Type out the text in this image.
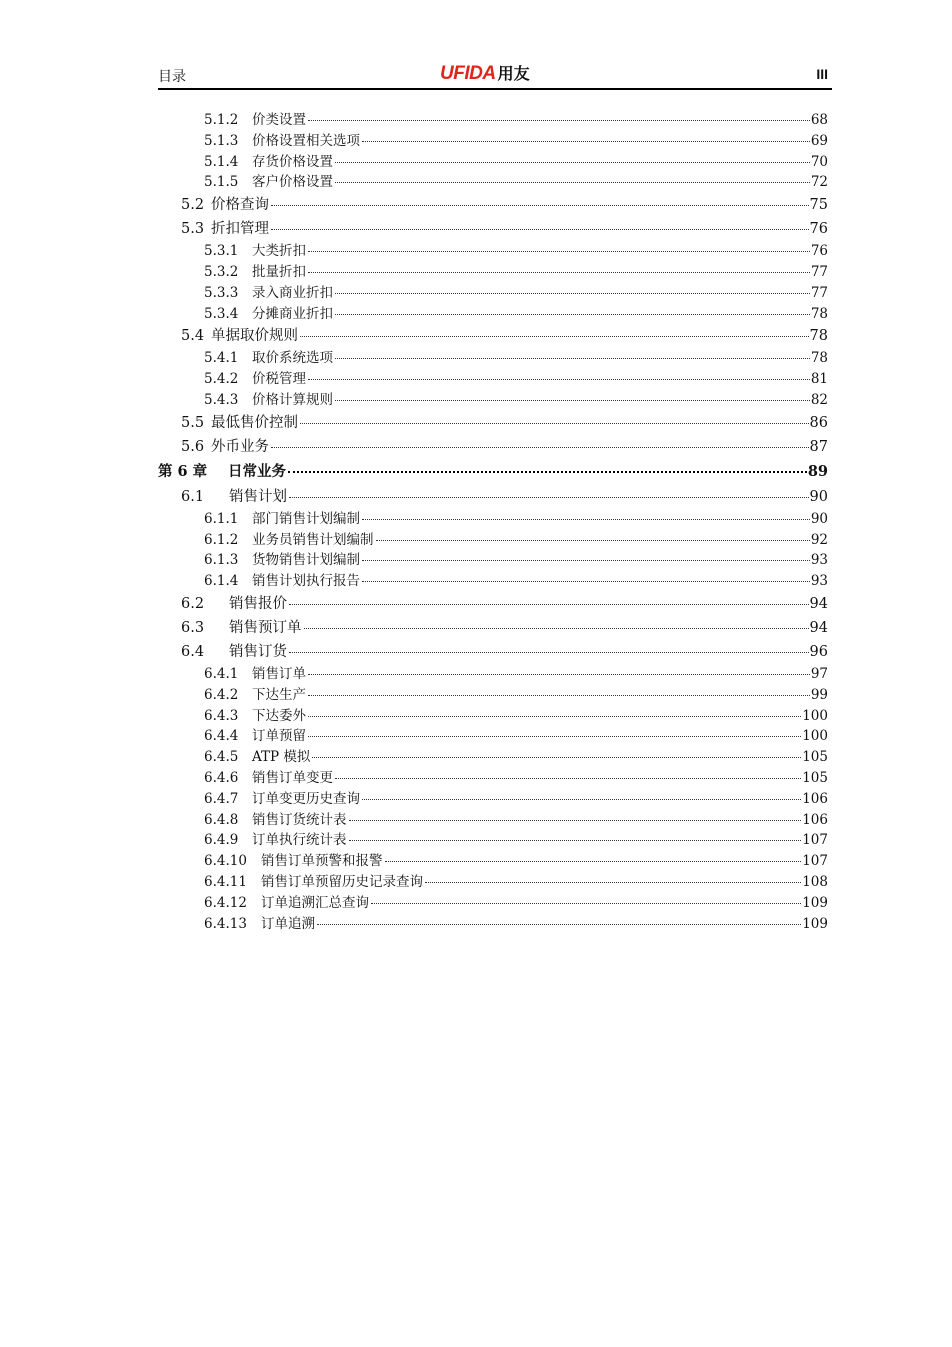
目录	UFIDA 用友	III
5.1.2	价类设置	68
5.1.3	价格设置相关选项	69
5.1.4	存货价格设置	70
5.1.5	客户价格设置	72
5.2 价格查询	75
5.3 折扣管理	76
5.3.1	大类折扣	76
5.3.2	批量折扣	77
5.3.3	录入商业折扣	77
5.3.4	分摊商业折扣	78
5.4 单据取价规则	78
5.4.1	取价系统选项	78
5.4.2	价税管理	81
5.4.3	价格计算规则	82
5.5 最低售价控制	86
5.6 外币业务	87
第 6 章	日常业务	89
6.1	销售计划	90
6.1.1	部门销售计划编制	90
6.1.2	业务员销售计划编制	92
6.1.3	货物销售计划编制	93
6.1.4	销售计划执行报告	93
6.2	销售报价	94
6.3	销售预订单	94
6.4	销售订货	96
6.4.1	销售订单	97
6.4.2	下达生产	99
6.4.3	下达委外	100
6.4.4	订单预留	100
6.4.5	ATP 模拟	105
6.4.6	销售订单变更	105
6.4.7	订单变更历史查询	106
6.4.8	销售订货统计表	106
6.4.9	订单执行统计表	107
6.4.10	销售订单预警和报警	107
6.4.11	销售订单预留历史记录查询	108
6.4.12	订单追溯汇总查询	109
6.4.13	订单追溯	109
